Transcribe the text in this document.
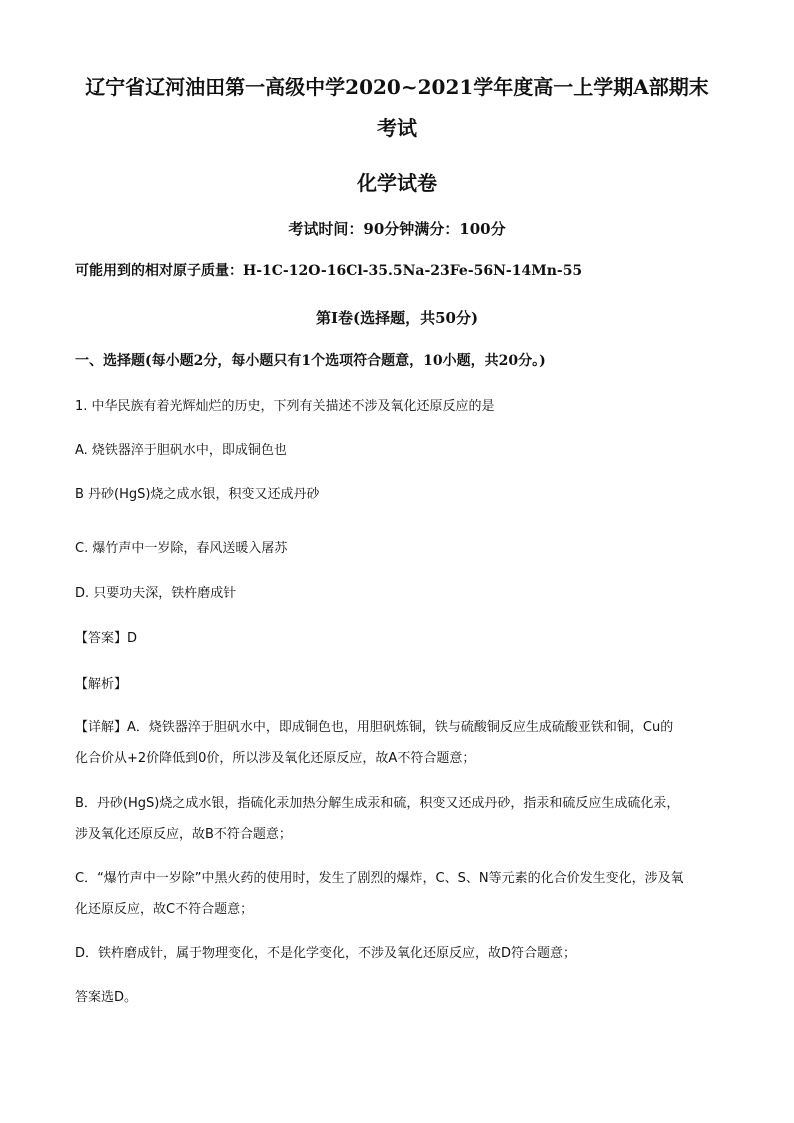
辽宁省辽河油田第一高级中学2020~2021学年度高一上学期A部期末
考试
化学试卷
考试时间：90分钟满分：100分
可能用到的相对原子质量：H-1C-12O-16Cl-35.5Na-23Fe-56N-14Mn-55
第I卷(选择题，共50分)
一、选择题(每小题2分，每小题只有1个选项符合题意，10小题，共20分。)
1. 中华民族有着光辉灿烂的历史，下列有关描述不涉及氧化还原反应的是
A. 烧铁器淬于胆矾水中，即成铜色也
B 丹砂(HgS)烧之成水银，积变又还成丹砂
C. 爆竹声中一岁除，春风送暖入屠苏
D. 只要功夫深，铁杵磨成针
【答案】D
【解析】
【详解】A．烧铁器淬于胆矾水中，即成铜色也，用胆矾炼铜，铁与硫酸铜反应生成硫酸亚铁和铜，Cu的
化合价从+2价降低到0价，所以涉及氧化还原反应，故A不符合题意；
B．丹砂(HgS)烧之成水银，指硫化汞加热分解生成汞和硫，积变又还成丹砂，指汞和硫反应生成硫化汞，
涉及氧化还原反应，故B不符合题意；
C．“爆竹声中一岁除”中黑火药的使用时，发生了剧烈的爆炸，C、S、N等元素的化合价发生变化，涉及氧
化还原反应，故C不符合题意；
D．铁杵磨成针，属于物理变化，不是化学变化，不涉及氧化还原反应，故D符合题意；
答案选D。
